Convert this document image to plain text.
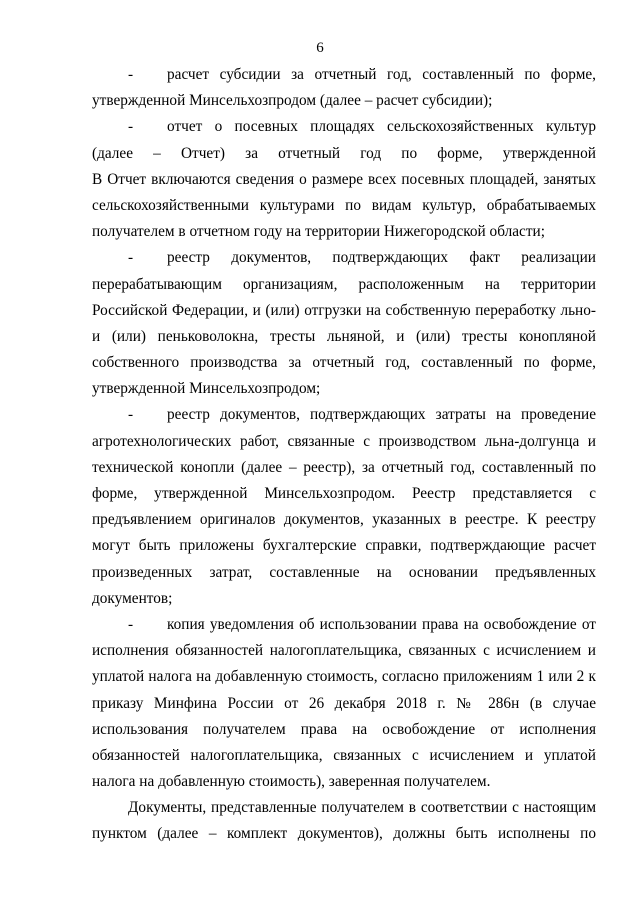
6
- расчет субсидии за отчетный год, составленный по форме,
утвержденной Минсельхозпродом (далее – расчет субсидии);
- отчет о посевных площадях сельскохозяйственных культур
(далее – Отчет) за отчетный год по форме, утвержденной
В Отчет включаются сведения о размере всех посевных площадей, занятых
сельскохозяйственными культурами по видам культур, обрабатываемых
получателем в отчетном году на территории Нижегородской области;
- реестр документов, подтверждающих факт реализации
перерабатывающим организациям, расположенным на территории
Российской Федерации, и (или) отгрузки на собственную переработку льно-
и (или) пеньковолокна, тресты льняной, и (или) тресты конопляной
собственного производства за отчетный год, составленный по форме,
утвержденной Минсельхозпродом;
- реестр документов, подтверждающих затраты на проведение
агротехнологических работ, связанные с производством льна-долгунца и
технической конопли (далее – реестр), за отчетный год, составленный по
форме, утвержденной Минсельхозпродом. Реестр представляется с
предъявлением оригиналов документов, указанных в реестре. К реестру
могут быть приложены бухгалтерские справки, подтверждающие расчет
произведенных затрат, составленные на основании предъявленных
документов;
- копия уведомления об использовании права на освобождение от
исполнения обязанностей налогоплательщика, связанных с исчислением и
уплатой налога на добавленную стоимость, согласно приложениям 1 или 2 к
приказу Минфина России от 26 декабря 2018 г. № 286н (в случае
использования получателем права на освобождение от исполнения
обязанностей налогоплательщика, связанных с исчислением и уплатой
налога на добавленную стоимость), заверенная получателем.
Документы, представленные получателем в соответствии с настоящим
пунктом (далее – комплект документов), должны быть исполнены по
